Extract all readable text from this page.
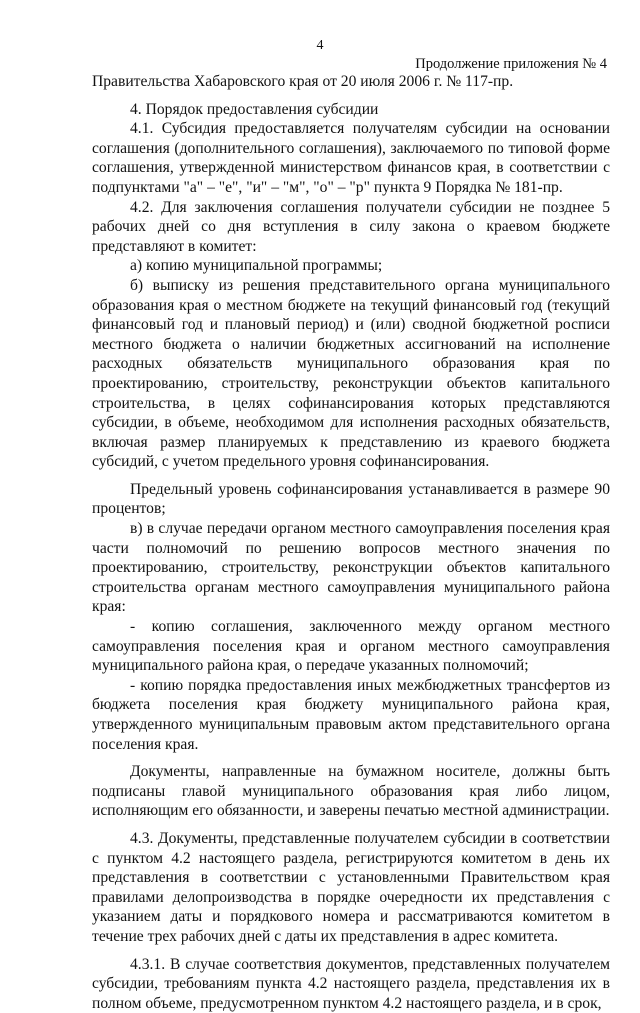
4
Продолжение приложения № 4

Правительства Хабаровского края от 20 июля 2006 г. № 117-пр.

4. Порядок предоставления субсидии

4.1. Субсидия предоставляется получателям субсидии на основании соглашения (дополнительного соглашения), заключаемого по типовой форме соглашения, утвержденной министерством финансов края, в соответствии с подпунктами "а" – "е", "и" – "м", "о" – "р" пункта 9 Порядка № 181-пр.

4.2. Для заключения соглашения получатели субсидии не позднее 5 рабочих дней со дня вступления в силу закона о краевом бюджете представляют в комитет:

а) копию муниципальной программы;

б) выписку из решения представительного органа муниципального образования края о местном бюджете на текущий финансовый год (текущий финансовый год и плановый период) и (или) сводной бюджетной росписи местного бюджета о наличии бюджетных ассигнований на исполнение расходных обязательств муниципального образования края по проектированию, строительству, реконструкции объектов капитального строительства, в целях софинансирования которых представляются субсидии, в объеме, необходимом для исполнения расходных обязательств, включая размер планируемых к представлению из краевого бюджета субсидий, с учетом предельного уровня софинансирования.

Предельный уровень софинансирования устанавливается в размере 90 процентов;

в) в случае передачи органом местного самоуправления поселения края части полномочий по решению вопросов местного значения по проектированию, строительству, реконструкции объектов капитального строительства органам местного самоуправления муниципального района края:

- копию соглашения, заключенного между органом местного самоуправления поселения края и органом местного самоуправления муниципального района края, о передаче указанных полномочий;

- копию порядка предоставления иных межбюджетных трансфертов из бюджета поселения края бюджету муниципального района края, утвержденного муниципальным правовым актом представительного органа поселения края.

Документы, направленные на бумажном носителе, должны быть подписаны главой муниципального образования края либо лицом, исполняющим его обязанности, и заверены печатью местной администрации.

4.3. Документы, представленные получателем субсидии в соответствии с пунктом 4.2 настоящего раздела, регистрируются комитетом в день их представления в соответствии с установленными Правительством края правилами делопроизводства в порядке очередности их представления с указанием даты и порядкового номера и рассматриваются комитетом в течение трех рабочих дней с даты их представления в адрес комитета.

4.3.1. В случае соответствия документов, представленных получателем субсидии, требованиям пункта 4.2 настоящего раздела, представления их в полном объеме, предусмотренном пунктом 4.2 настоящего раздела, и в срок,
